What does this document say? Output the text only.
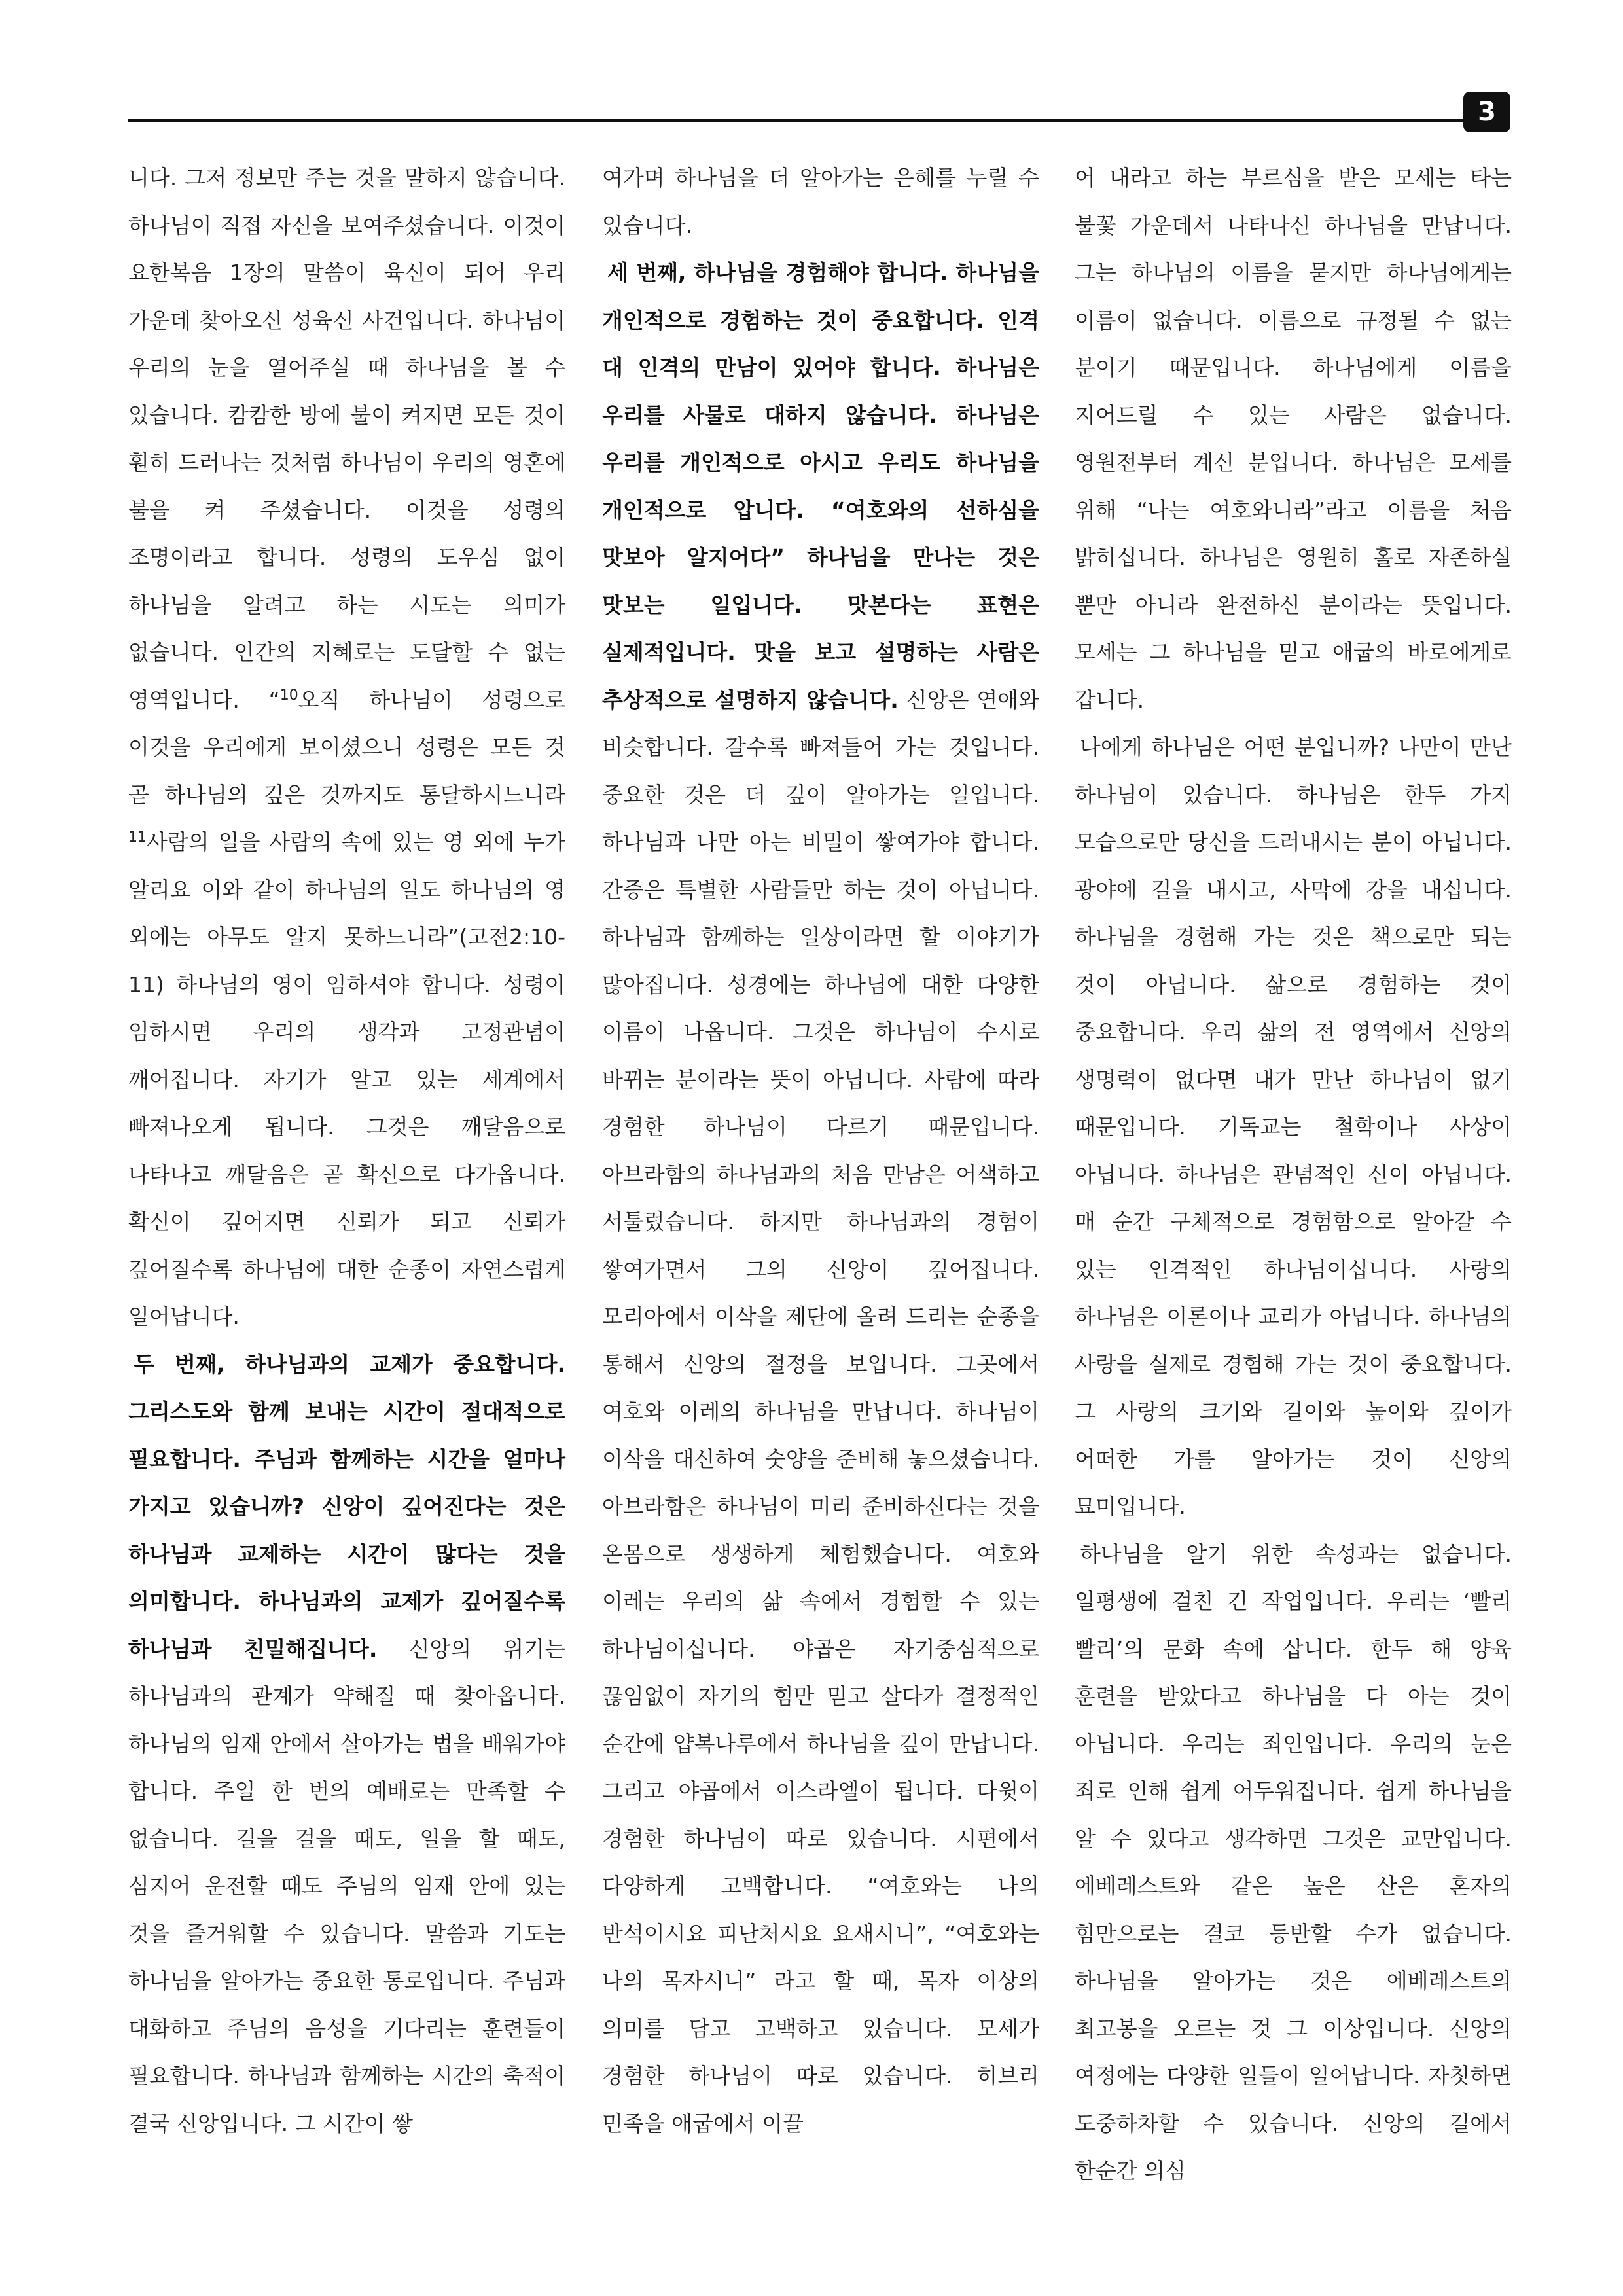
3

니다. 그저 정보만 주는 것을 말하지 않습니다. 하나님이 직접 자신을 보여주셨습니다. 이것이 요한복음 1장의 말씀이 육신이 되어 우리 가운데 찾아오신 성육신 사건입니다. 하나님이 우리의 눈을 열어주실 때 하나님을 볼 수 있습니다. 캄캄한 방에 불이 켜지면 모든 것이 훤히 드러나는 것처럼 하나님이 우리의 영혼에 불을 켜 주셨습니다. 이것을 성령의 조명이라고 합니다. 성령의 도우심 없이 하나님을 알려고 하는 시도는 의미가 없습니다. 인간의 지혜로는 도달할 수 없는 영역입니다. “$^{10}$오직 하나님이 성령으로 이것을 우리에게 보이셨으니 성령은 모든 것 곧 하나님의 깊은 것까지도 통달하시느니라 $^{11}$사람의 일을 사람의 속에 있는 영 외에 누가 알리요 이와 같이 하나님의 일도 하나님의 영 외에는 아무도 알지 못하느니라”(고전2:10-11) 하나님의 영이 임하셔야 합니다. 성령이 임하시면 우리의 생각과 고정관념이 깨어집니다. 자기가 알고 있는 세계에서 빠져나오게 됩니다. 그것은 깨달음으로 나타나고 깨달음은 곧 확신으로 다가옵니다. 확신이 깊어지면 신뢰가 되고 신뢰가 깊어질수록 하나님에 대한 순종이 자연스럽게 일어납니다.

두 번째, 하나님과의 교제가 중요합니다. 그리스도와 함께 보내는 시간이 절대적으로 필요합니다. 주님과 함께하는 시간을 얼마나 가지고 있습니까? 신앙이 깊어진다는 것은 하나님과 교제하는 시간이 많다는 것을 의미합니다. 하나님과의 교제가 깊어질수록 하나님과 친밀해집니다. 신앙의 위기는 하나님과의 관계가 약해질 때 찾아옵니다. 하나님의 임재 안에서 살아가는 법을 배워가야 합니다. 주일 한 번의 예배로는 만족할 수 없습니다. 길을 걸을 때도, 일을 할 때도, 심지어 운전할 때도 주님의 임재 안에 있는 것을 즐거워할 수 있습니다. 말씀과 기도는 하나님을 알아가는 중요한 통로입니다. 주님과 대화하고 주님의 음성을 기다리는 훈련들이 필요합니다. 하나님과 함께하는 시간의 축적이 결국 신앙입니다. 그 시간이 쌓

여가며 하나님을 더 알아가는 은혜를 누릴 수 있습니다.

세 번째, 하나님을 경험해야 합니다. 하나님을 개인적으로 경험하는 것이 중요합니다. 인격 대 인격의 만남이 있어야 합니다. 하나님은 우리를 사물로 대하지 않습니다. 하나님은 우리를 개인적으로 아시고 우리도 하나님을 개인적으로 압니다. “여호와의 선하심을 맛보아 알지어다” 하나님을 만나는 것은 맛보는 일입니다. 맛본다는 표현은 실제적입니다. 맛을 보고 설명하는 사람은 추상적으로 설명하지 않습니다. 신앙은 연애와 비슷합니다. 갈수록 빠져들어 가는 것입니다. 중요한 것은 더 깊이 알아가는 일입니다. 하나님과 나만 아는 비밀이 쌓여가야 합니다. 간증은 특별한 사람들만 하는 것이 아닙니다. 하나님과 함께하는 일상이라면 할 이야기가 많아집니다. 성경에는 하나님에 대한 다양한 이름이 나옵니다. 그것은 하나님이 수시로 바뀌는 분이라는 뜻이 아닙니다. 사람에 따라 경험한 하나님이 다르기 때문입니다. 아브라함의 하나님과의 처음 만남은 어색하고 서툴렀습니다. 하지만 하나님과의 경험이 쌓여가면서 그의 신앙이 깊어집니다. 모리아에서 이삭을 제단에 올려 드리는 순종을 통해서 신앙의 절정을 보입니다. 그곳에서 여호와 이레의 하나님을 만납니다. 하나님이 이삭을 대신하여 숫양을 준비해 놓으셨습니다. 아브라함은 하나님이 미리 준비하신다는 것을 온몸으로 생생하게 체험했습니다. 여호와 이레는 우리의 삶 속에서 경험할 수 있는 하나님이십니다. 야곱은 자기중심적으로 끊임없이 자기의 힘만 믿고 살다가 결정적인 순간에 얍복나루에서 하나님을 깊이 만납니다. 그리고 야곱에서 이스라엘이 됩니다. 다윗이 경험한 하나님이 따로 있습니다. 시편에서 다양하게 고백합니다. “여호와는 나의 반석이시요 피난처시요 요새시니”, “여호와는 나의 목자시니” 라고 할 때, 목자 이상의 의미를 담고 고백하고 있습니다. 모세가 경험한 하나님이 따로 있습니다. 히브리 민족을 애굽에서 이끌

어 내라고 하는 부르심을 받은 모세는 타는 불꽃 가운데서 나타나신 하나님을 만납니다. 그는 하나님의 이름을 묻지만 하나님에게는 이름이 없습니다. 이름으로 규정될 수 없는 분이기 때문입니다. 하나님에게 이름을 지어드릴 수 있는 사람은 없습니다. 영원전부터 계신 분입니다. 하나님은 모세를 위해 “나는 여호와니라”라고 이름을 처음 밝히십니다. 하나님은 영원히 홀로 자존하실 뿐만 아니라 완전하신 분이라는 뜻입니다. 모세는 그 하나님을 믿고 애굽의 바로에게로 갑니다.

나에게 하나님은 어떤 분입니까? 나만이 만난 하나님이 있습니다. 하나님은 한두 가지 모습으로만 당신을 드러내시는 분이 아닙니다. 광야에 길을 내시고, 사막에 강을 내십니다. 하나님을 경험해 가는 것은 책으로만 되는 것이 아닙니다. 삶으로 경험하는 것이 중요합니다. 우리 삶의 전 영역에서 신앙의 생명력이 없다면 내가 만난 하나님이 없기 때문입니다. 기독교는 철학이나 사상이 아닙니다. 하나님은 관념적인 신이 아닙니다. 매 순간 구체적으로 경험함으로 알아갈 수 있는 인격적인 하나님이십니다. 사랑의 하나님은 이론이나 교리가 아닙니다. 하나님의 사랑을 실제로 경험해 가는 것이 중요합니다. 그 사랑의 크기와 길이와 높이와 깊이가 어떠한 가를 알아가는 것이 신앙의 묘미입니다.

하나님을 알기 위한 속성과는 없습니다. 일평생에 걸친 긴 작업입니다. 우리는 ‘빨리 빨리’의 문화 속에 삽니다. 한두 해 양육 훈련을 받았다고 하나님을 다 아는 것이 아닙니다. 우리는 죄인입니다. 우리의 눈은 죄로 인해 쉽게 어두워집니다. 쉽게 하나님을 알 수 있다고 생각하면 그것은 교만입니다. 에베레스트와 같은 높은 산은 혼자의 힘만으로는 결코 등반할 수가 없습니다. 하나님을 알아가는 것은 에베레스트의 최고봉을 오르는 것 그 이상입니다. 신앙의 여정에는 다양한 일들이 일어납니다. 자칫하면 도중하차할 수 있습니다. 신앙의 길에서 한순간 의심
